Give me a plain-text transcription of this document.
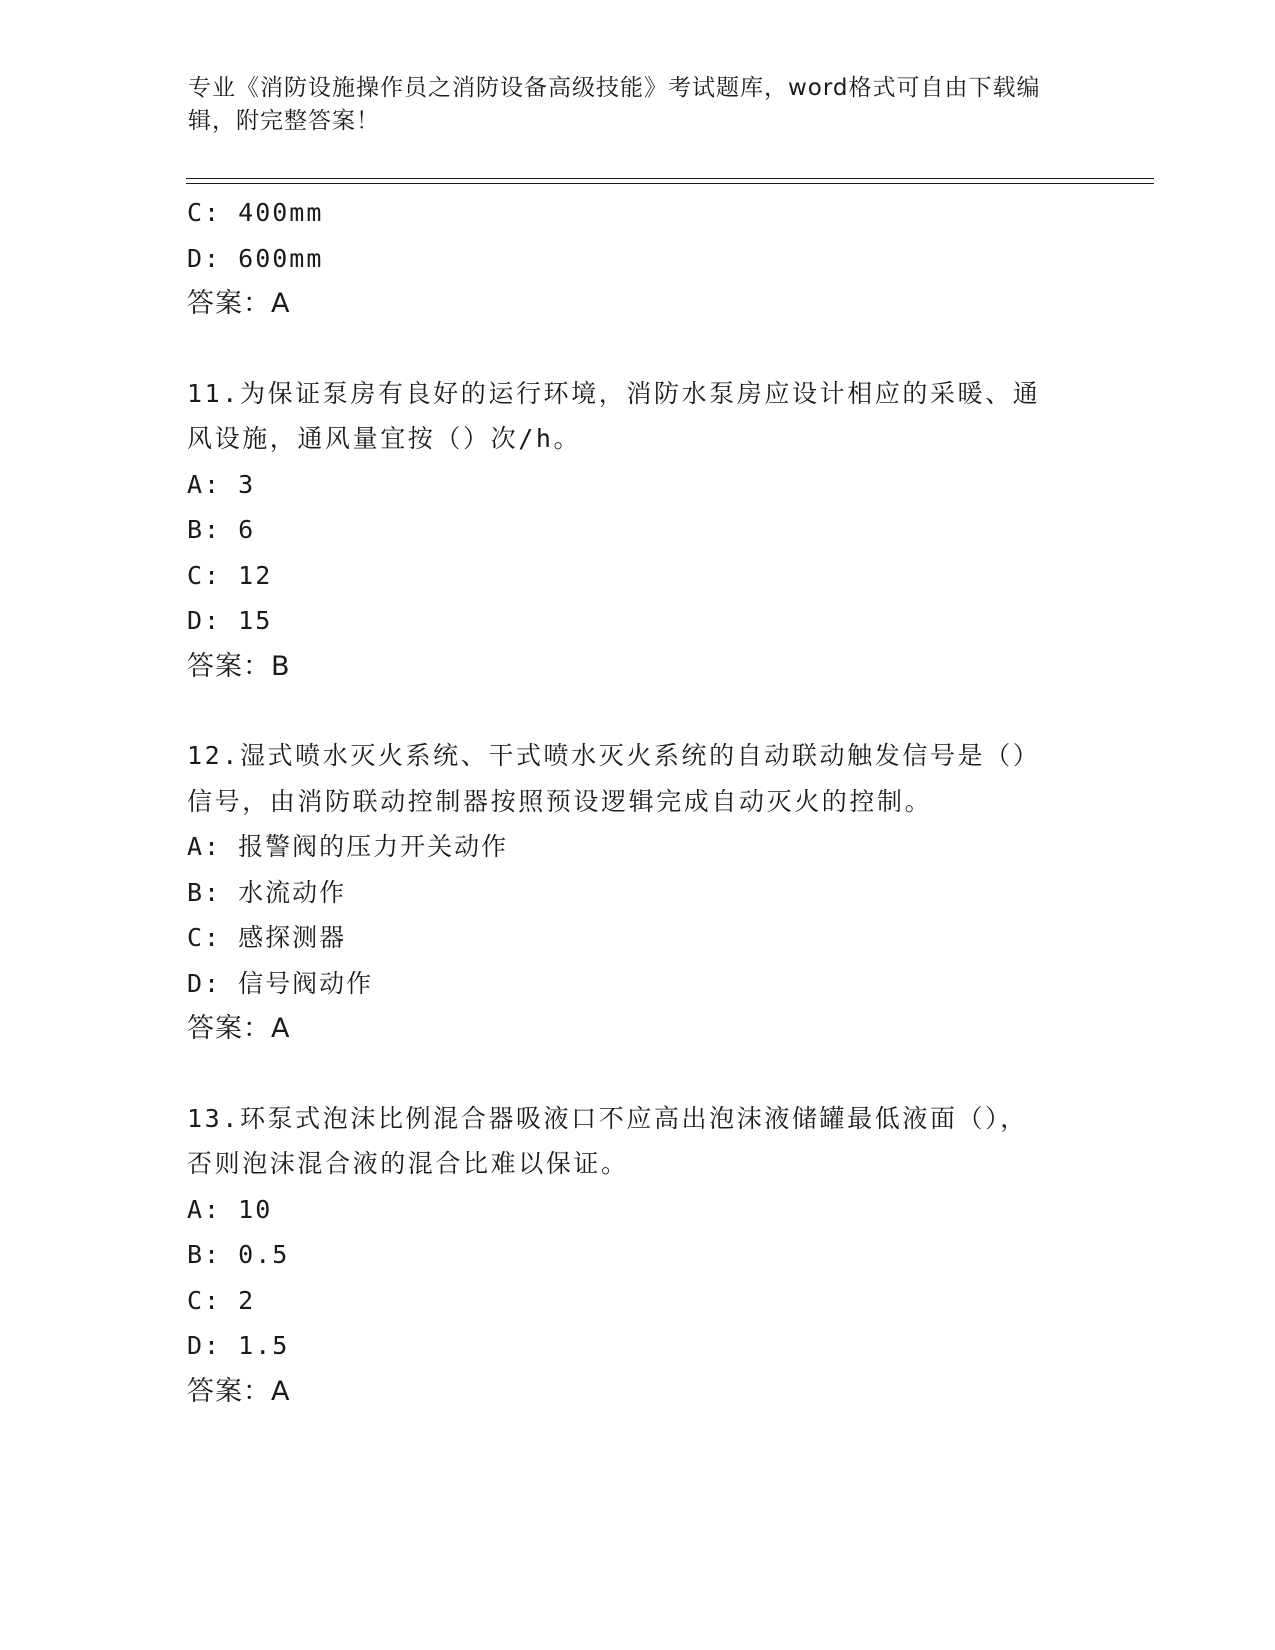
专业《消防设施操作员之消防设备高级技能》考试题库，word格式可自由下载编
辑，附完整答案！
C: 400mm
D: 600mm
答案：A
11.为保证泵房有良好的运行环境，消防水泵房应设计相应的采暖、通
风设施，通风量宜按（）次/h。
A: 3
B: 6
C: 12
D: 15
答案：B
12.湿式喷水灭火系统、干式喷水灭火系统的自动联动触发信号是（）
信号，由消防联动控制器按照预设逻辑完成自动灭火的控制。
A: 报警阀的压力开关动作
B: 水流动作
C: 感探测器
D: 信号阀动作
答案：A
13.环泵式泡沫比例混合器吸液口不应高出泡沫液储罐最低液面（），
否则泡沫混合液的混合比难以保证。
A: 10
B: 0.5
C: 2
D: 1.5
答案：A
